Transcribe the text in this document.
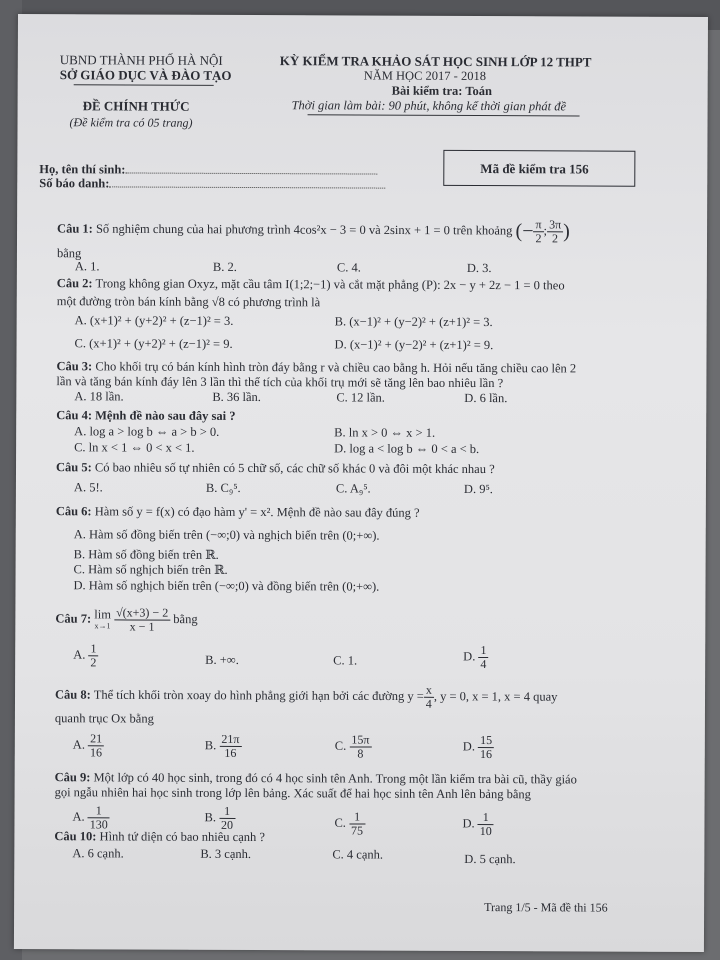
UBND THÀNH PHỐ HÀ NỘI
SỞ GIÁO DỤC VÀ ĐÀO TẠO
ĐỀ CHÍNH THỨC
(Đề kiểm tra có 05 trang)
KỲ KIỂM TRA KHẢO SÁT HỌC SINH LỚP 12 THPT
NĂM HỌC 2017 - 2018
Bài kiểm tra: Toán
Thời gian làm bài: 90 phút, không kể thời gian phát đề
Họ, tên thí sinh:
Số báo danh:
Mã đề kiểm tra 156
Câu 1: Số nghiệm chung của hai phương trình 4cos²x − 3 = 0 và 2sinx + 1 = 0 trên khoảng (− $\frac{\pi}{2}$ ; $\frac{3\pi}{2}$ )
bằng
A. 1.	B. 2.	C. 4.	D. 3.
Câu 2: Trong không gian Oxyz, mặt cầu tâm I(1;2;−1) và cắt mặt phẳng (P): 2x − y + 2z − 1 = 0 theo
một đường tròn bán kính bằng √8 có phương trình là
A. (x+1)² + (y+2)² + (z−1)² = 3.	B. (x−1)² + (y−2)² + (z+1)² = 3.
C. (x+1)² + (y+2)² + (z−1)² = 9.	D. (x−1)² + (y−2)² + (z+1)² = 9.
Câu 3: Cho khối trụ có bán kính hình tròn đáy bằng r và chiều cao bằng h. Hỏi nếu tăng chiều cao lên 2
lần và tăng bán kính đáy lên 3 lần thì thể tích của khối trụ mới sẽ tăng lên bao nhiêu lần ?
A. 18 lần.	B. 36 lần.	C. 12 lần.	D. 6 lần.
Câu 4: Mệnh đề nào sau đây sai ?
A. log a > log b ⇔ a > b > 0.	B. ln x > 0 ⇔ x > 1.
C. ln x < 1 ⇔ 0 < x < 1.	D. log a < log b ⇔ 0 < a < b.
Câu 5: Có bao nhiêu số tự nhiên có 5 chữ số, các chữ số khác 0 và đôi một khác nhau ?
A. 5!.	B. C₉⁵.	C. A₉⁵.	D. 9⁵.
Câu 6: Hàm số y = f(x) có đạo hàm y' = x². Mệnh đề nào sau đây đúng ?
A. Hàm số đồng biến trên (−∞;0) và nghịch biến trên (0;+∞).
B. Hàm số đồng biến trên ℝ.
C. Hàm số nghịch biến trên ℝ.
D. Hàm số nghịch biến trên (−∞;0) và đồng biến trên (0;+∞).
Câu 7: lim
x→1
$\frac{√(x+3) - 2}{x - 1}$ bằng
A. $\frac{1}{2}$	B. +∞.	C. 1.	D. $\frac{1}{4}$
Câu 8: Thể tích khối tròn xoay do hình phẳng giới hạn bởi các đường $y = \frac{x}{4}$ , y = 0, x = 1, x = 4 quay
quanh trục Ox bằng
A. $\frac{21}{16}$	B. $\frac{21\pi}{16}$	C. $\frac{15\pi}{8}$	D. $\frac{15}{16}$
Câu 9: Một lớp có 40 học sinh, trong đó có 4 học sinh tên Anh. Trong một lần kiểm tra bài cũ, thầy giáo
gọi ngẫu nhiên hai học sinh trong lớp lên bảng. Xác suất để hai học sinh tên Anh lên bảng bằng
A. $\frac{1}{130}$	B. $\frac{1}{20}$	C. $\frac{1}{75}$	D. $\frac{1}{10}$
Câu 10: Hình tứ diện có bao nhiêu cạnh ?
A. 6 cạnh.	B. 3 cạnh.	C. 4 cạnh.	D. 5 cạnh.
Trang 1/5 - Mã đề thi 156
